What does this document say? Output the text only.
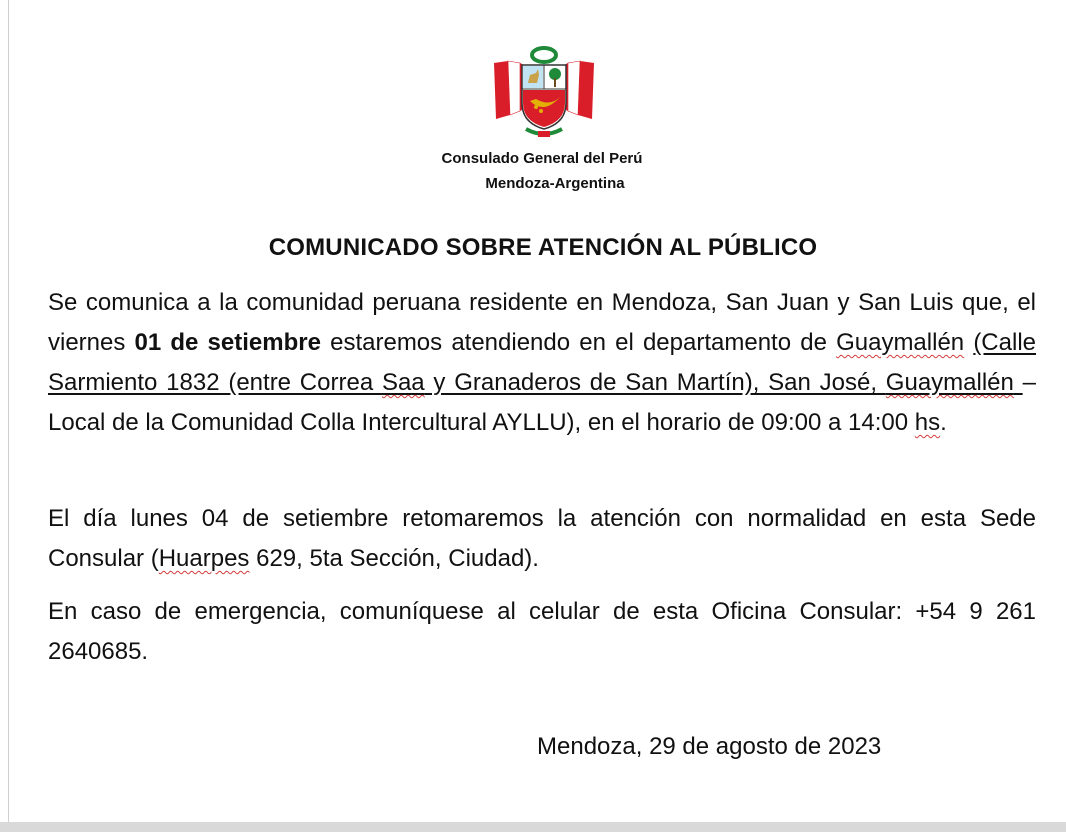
Consulado General del Perú
Mendoza-Argentina
COMUNICADO SOBRE ATENCIÓN AL PÚBLICO

Se comunica a la comunidad peruana residente en Mendoza, San Juan y San Luis que, el viernes 01 de setiembre estaremos atendiendo en el departamento de Guaymallén (Calle Sarmiento 1832 (entre Correa Saa y Granaderos de San Martín), San José, Guaymallén – Local de la Comunidad Colla Intercultural AYLLU), en el horario de 09:00 a 14:00 hs.

El día lunes 04 de setiembre retomaremos la atención con normalidad en esta Sede Consular (Huarpes 629, 5ta Sección, Ciudad).

En caso de emergencia, comuníquese al celular de esta Oficina Consular: +54 9 261 2640685.

Mendoza, 29 de agosto de 2023
